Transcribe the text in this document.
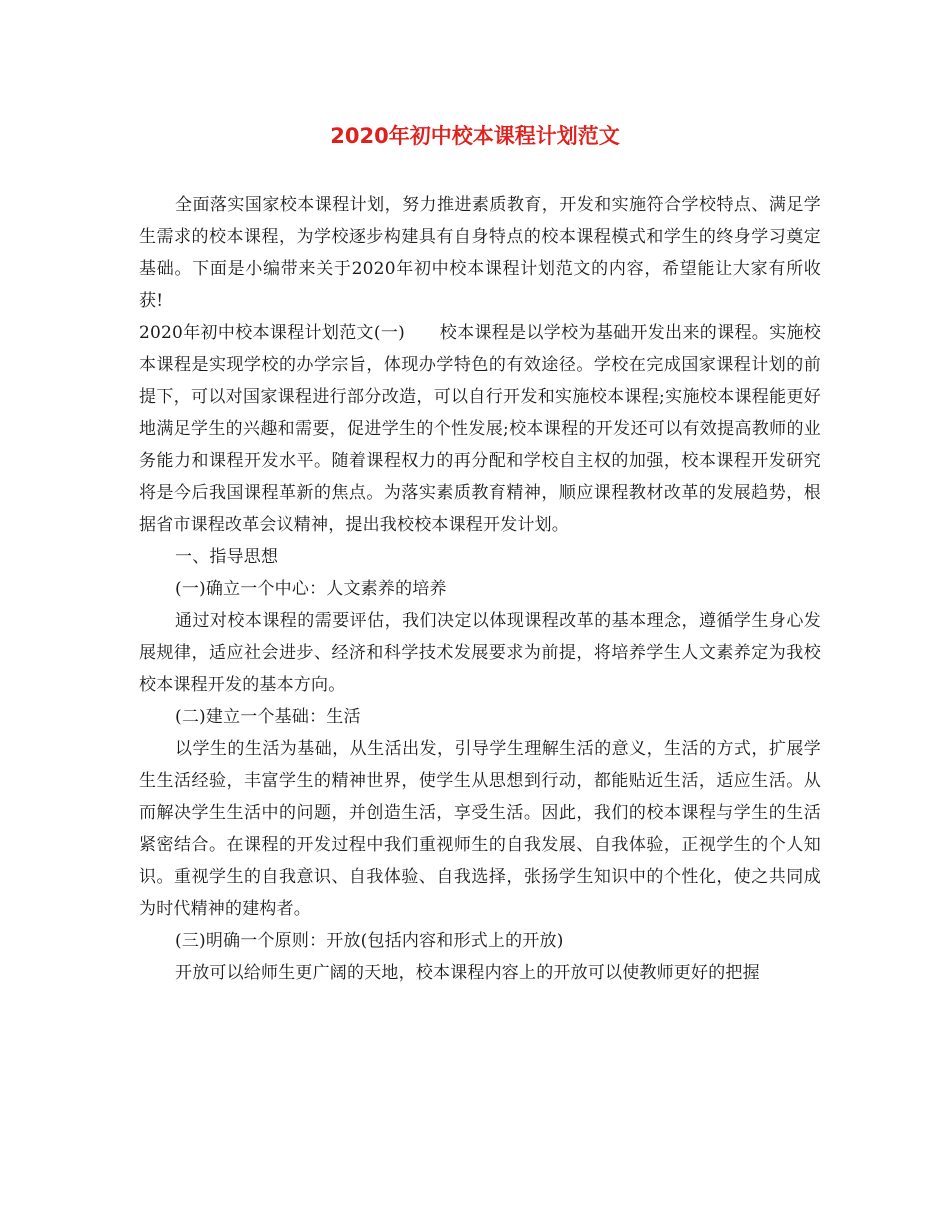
2020年初中校本课程计划范文

全面落实国家校本课程计划，努力推进素质教育，开发和实施符合学校特点、满足学生需求的校本课程，为学校逐步构建具有自身特点的校本课程模式和学生的终身学习奠定基础。下面是小编带来关于2020年初中校本课程计划范文的内容，希望能让大家有所收获!

2020年初中校本课程计划范文(一)　　校本课程是以学校为基础开发出来的课程。实施校本课程是实现学校的办学宗旨，体现办学特色的有效途径。学校在完成国家课程计划的前提下，可以对国家课程进行部分改造，可以自行开发和实施校本课程;实施校本课程能更好地满足学生的兴趣和需要，促进学生的个性发展;校本课程的开发还可以有效提高教师的业务能力和课程开发水平。随着课程权力的再分配和学校自主权的加强，校本课程开发研究将是今后我国课程革新的焦点。为落实素质教育精神，顺应课程教材改革的发展趋势，根据省市课程改革会议精神，提出我校校本课程开发计划。

一、指导思想

(一)确立一个中心：人文素养的培养

通过对校本课程的需要评估，我们决定以体现课程改革的基本理念，遵循学生身心发展规律，适应社会进步、经济和科学技术发展要求为前提，将培养学生人文素养定为我校校本课程开发的基本方向。

(二)建立一个基础：生活

以学生的生活为基础，从生活出发，引导学生理解生活的意义，生活的方式，扩展学生生活经验，丰富学生的精神世界，使学生从思想到行动，都能贴近生活，适应生活。从而解决学生生活中的问题，并创造生活，享受生活。因此，我们的校本课程与学生的生活紧密结合。在课程的开发过程中我们重视师生的自我发展、自我体验，正视学生的个人知识。重视学生的自我意识、自我体验、自我选择，张扬学生知识中的个性化，使之共同成为时代精神的建构者。

(三)明确一个原则：开放(包括内容和形式上的开放)

开放可以给师生更广阔的天地，校本课程内容上的开放可以使教师更好的把握
